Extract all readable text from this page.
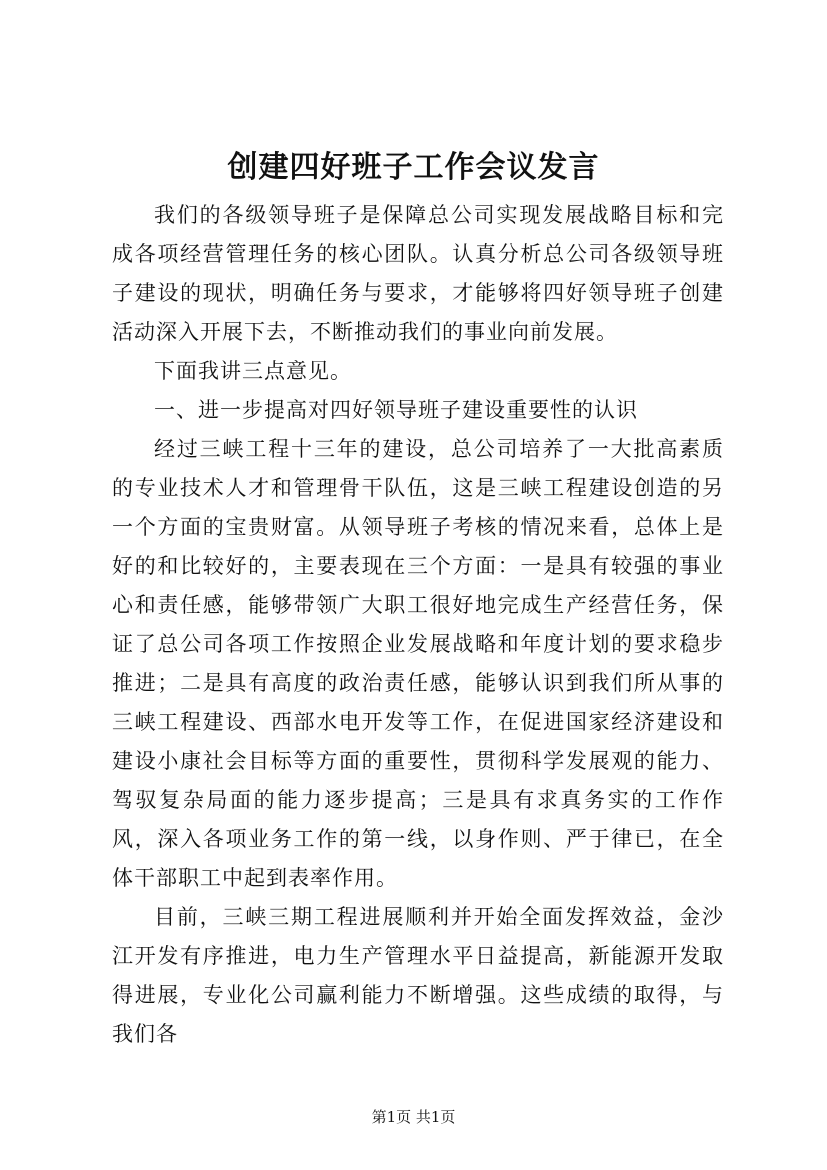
创建四好班子工作会议发言

我们的各级领导班子是保障总公司实现发展战略目标和完成各项经营管理任务的核心团队。认真分析总公司各级领导班子建设的现状，明确任务与要求，才能够将四好领导班子创建活动深入开展下去，不断推动我们的事业向前发展。

下面我讲三点意见。

一、进一步提高对四好领导班子建设重要性的认识

经过三峡工程十三年的建设，总公司培养了一大批高素质的专业技术人才和管理骨干队伍，这是三峡工程建设创造的另一个方面的宝贵财富。从领导班子考核的情况来看，总体上是好的和比较好的，主要表现在三个方面：一是具有较强的事业心和责任感，能够带领广大职工很好地完成生产经营任务，保证了总公司各项工作按照企业发展战略和年度计划的要求稳步推进；二是具有高度的政治责任感，能够认识到我们所从事的三峡工程建设、西部水电开发等工作，在促进国家经济建设和建设小康社会目标等方面的重要性，贯彻科学发展观的能力、驾驭复杂局面的能力逐步提高；三是具有求真务实的工作作风，深入各项业务工作的第一线，以身作则、严于律已，在全体干部职工中起到表率作用。

目前，三峡三期工程进展顺利并开始全面发挥效益，金沙江开发有序推进，电力生产管理水平日益提高，新能源开发取得进展，专业化公司赢利能力不断增强。这些成绩的取得，与我们各

第1页 共1页
